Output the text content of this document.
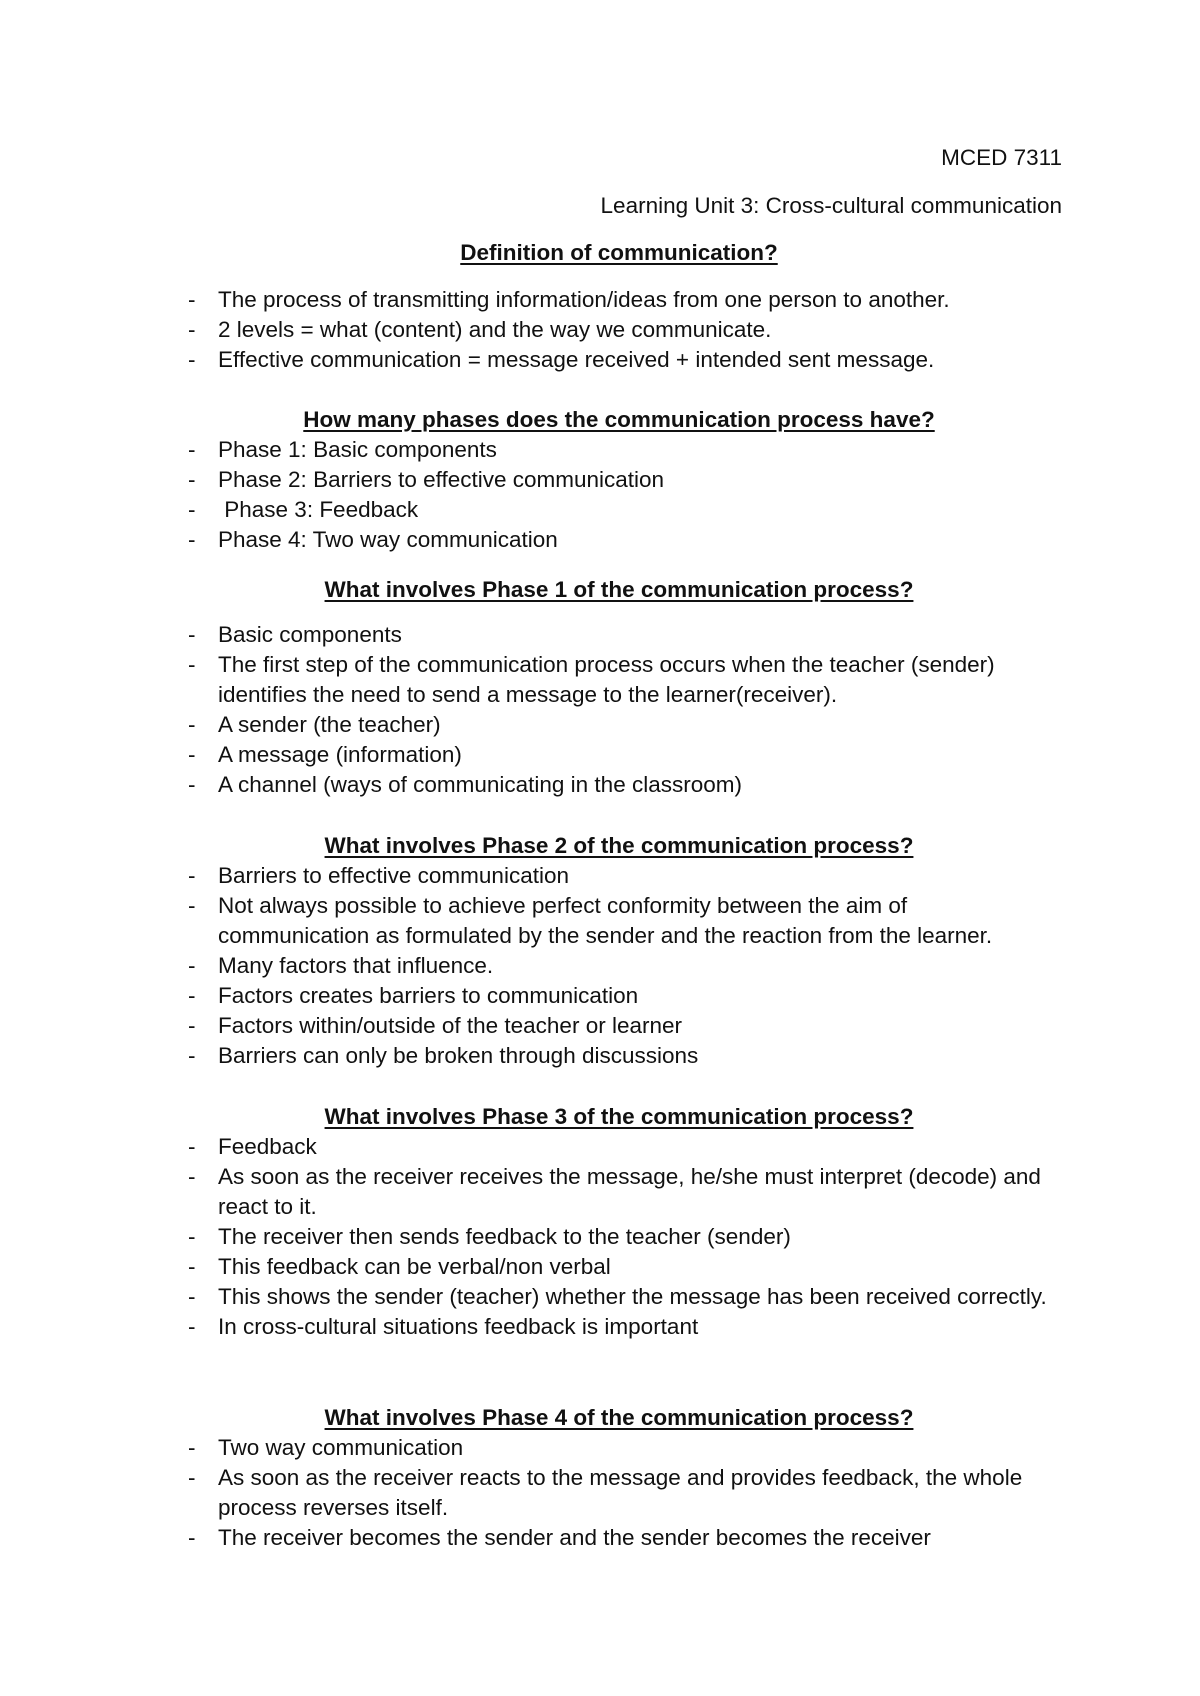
MCED 7311
Learning Unit 3: Cross-cultural communication
Definition of communication?
- The process of transmitting information/ideas from one person to another.
- 2 levels = what (content) and the way we communicate.
- Effective communication = message received + intended sent message.
How many phases does the communication process have?
- Phase 1: Basic components
- Phase 2: Barriers to effective communication
-  Phase 3: Feedback
- Phase 4: Two way communication
What involves Phase 1 of the communication process?
- Basic components
- The first step of the communication process occurs when the teacher (sender) identifies the need to send a message to the learner(receiver).
- A sender (the teacher)
- A message (information)
- A channel (ways of communicating in the classroom)
What involves Phase 2 of the communication process?
- Barriers to effective communication
- Not always possible to achieve perfect conformity between the aim of communication as formulated by the sender and the reaction from the learner.
- Many factors that influence.
- Factors creates barriers to communication
- Factors within/outside of the teacher or learner
- Barriers can only be broken through discussions
What involves Phase 3 of the communication process?
- Feedback
- As soon as the receiver receives the message, he/she must interpret (decode) and react to it.
- The receiver then sends feedback to the teacher (sender)
- This feedback can be verbal/non verbal
- This shows the sender (teacher) whether the message has been received correctly.
- In cross-cultural situations feedback is important
What involves Phase 4 of the communication process?
- Two way communication
- As soon as the receiver reacts to the message and provides feedback, the whole process reverses itself.
- The receiver becomes the sender and the sender becomes the receiver
